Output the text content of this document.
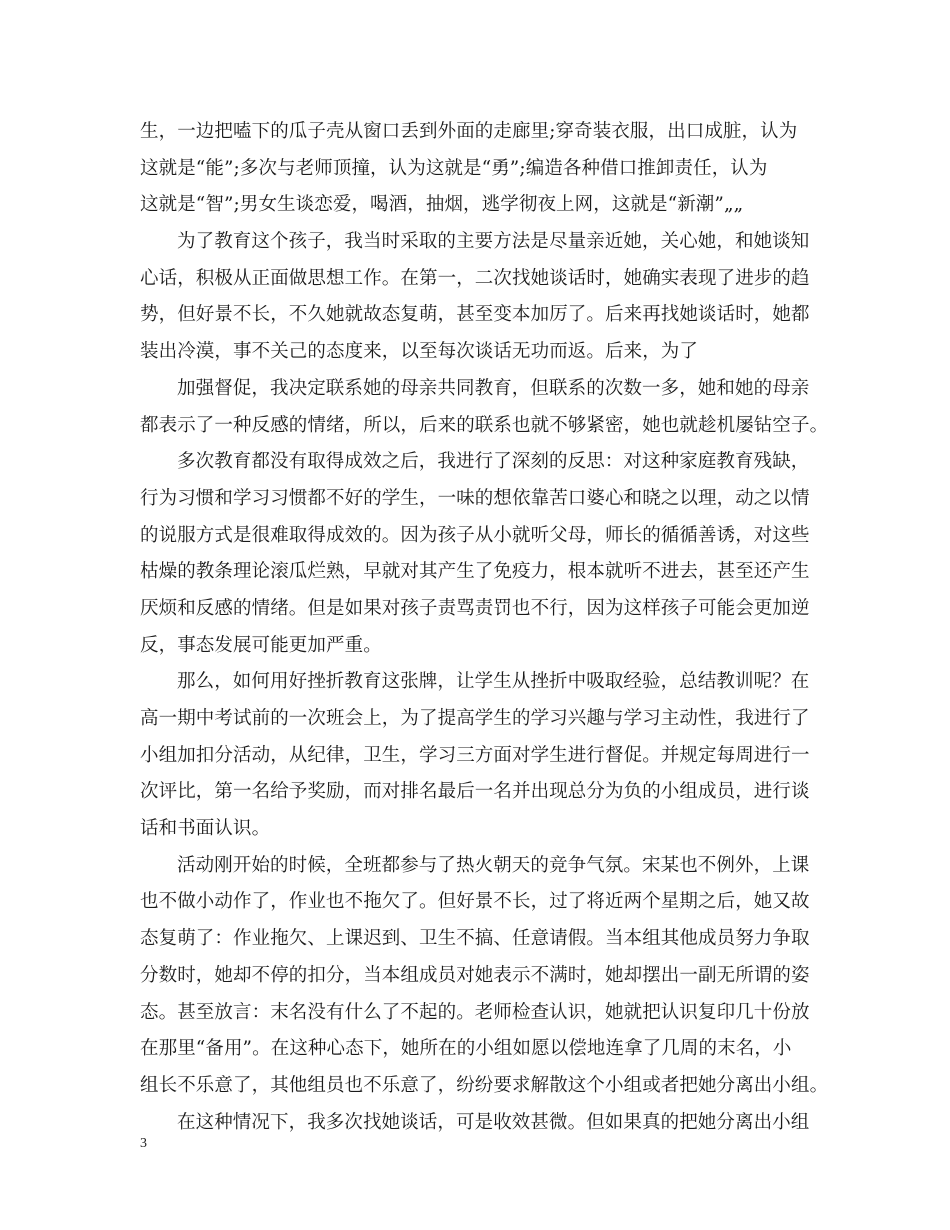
生，一边把嗑下的瓜子壳从窗口丢到外面的走廊里;穿奇装衣服，出口成脏，认为
这就是“能”;多次与老师顶撞，认为这就是“勇”;编造各种借口推卸责任，认为
这就是“智”;男女生谈恋爱，喝酒，抽烟，逃学彻夜上网，这就是“新潮”„„
为了教育这个孩子，我当时采取的主要方法是尽量亲近她，关心她，和她谈知
心话，积极从正面做思想工作。在第一，二次找她谈话时，她确实表现了进步的趋
势，但好景不长，不久她就故态复萌，甚至变本加厉了。后来再找她谈话时，她都
装出冷漠，事不关己的态度来，以至每次谈话无功而返。后来，为了
加强督促，我决定联系她的母亲共同教育，但联系的次数一多，她和她的母亲
都表示了一种反感的情绪，所以，后来的联系也就不够紧密，她也就趁机屡钻空子。
多次教育都没有取得成效之后，我进行了深刻的反思：对这种家庭教育残缺，
行为习惯和学习习惯都不好的学生，一味的想依靠苦口婆心和晓之以理，动之以情
的说服方式是很难取得成效的。因为孩子从小就听父母，师长的循循善诱，对这些
枯燥的教条理论滚瓜烂熟，早就对其产生了免疫力，根本就听不进去，甚至还产生
厌烦和反感的情绪。但是如果对孩子责骂责罚也不行，因为这样孩子可能会更加逆
反，事态发展可能更加严重。
那么，如何用好挫折教育这张牌，让学生从挫折中吸取经验，总结教训呢？在
高一期中考试前的一次班会上，为了提高学生的学习兴趣与学习主动性，我进行了
小组加扣分活动，从纪律，卫生，学习三方面对学生进行督促。并规定每周进行一
次评比，第一名给予奖励，而对排名最后一名并出现总分为负的小组成员，进行谈
话和书面认识。
活动刚开始的时候，全班都参与了热火朝天的竞争气氛。宋某也不例外，上课
也不做小动作了，作业也不拖欠了。但好景不长，过了将近两个星期之后，她又故
态复萌了：作业拖欠、上课迟到、卫生不搞、任意请假。当本组其他成员努力争取
分数时，她却不停的扣分，当本组成员对她表示不满时，她却摆出一副无所谓的姿
态。甚至放言：末名没有什么了不起的。老师检查认识，她就把认识复印几十份放
在那里“备用”。在这种心态下，她所在的小组如愿以偿地连拿了几周的末名，小
组长不乐意了，其他组员也不乐意了，纷纷要求解散这个小组或者把她分离出小组。
在这种情况下，我多次找她谈话，可是收效甚微。但如果真的把她分离出小组
3
